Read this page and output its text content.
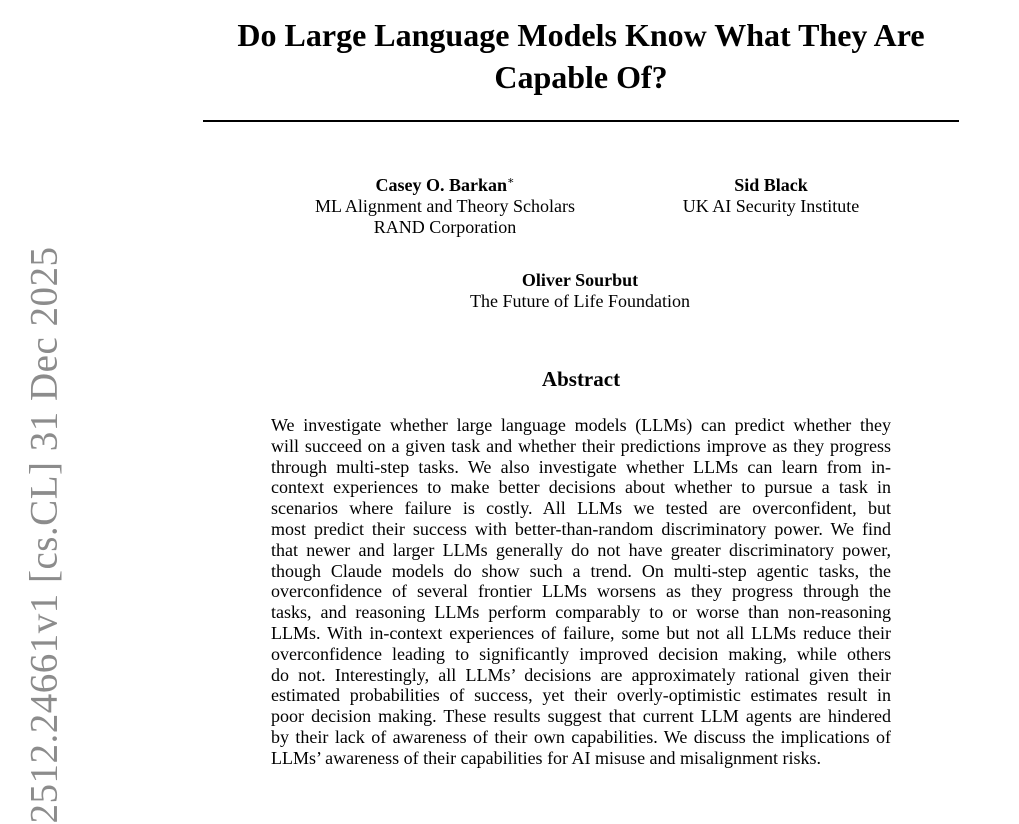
2512.24661v1 [cs.CL] 31 Dec 2025
Do Large Language Models Know What They Are
Capable Of?
Casey O. Barkan∗
ML Alignment and Theory Scholars
RAND Corporation
Sid Black
UK AI Security Institute
Oliver Sourbut
The Future of Life Foundation
Abstract
We investigate whether large language models (LLMs) can predict whether they
will succeed on a given task and whether their predictions improve as they progress
through multi-step tasks. We also investigate whether LLMs can learn from in-
context experiences to make better decisions about whether to pursue a task in
scenarios where failure is costly. All LLMs we tested are overconfident, but
most predict their success with better-than-random discriminatory power. We find
that newer and larger LLMs generally do not have greater discriminatory power,
though Claude models do show such a trend. On multi-step agentic tasks, the
overconfidence of several frontier LLMs worsens as they progress through the
tasks, and reasoning LLMs perform comparably to or worse than non-reasoning
LLMs. With in-context experiences of failure, some but not all LLMs reduce their
overconfidence leading to significantly improved decision making, while others
do not. Interestingly, all LLMs’ decisions are approximately rational given their
estimated probabilities of success, yet their overly-optimistic estimates result in
poor decision making. These results suggest that current LLM agents are hindered
by their lack of awareness of their own capabilities. We discuss the implications of
LLMs’ awareness of their capabilities for AI misuse and misalignment risks.
